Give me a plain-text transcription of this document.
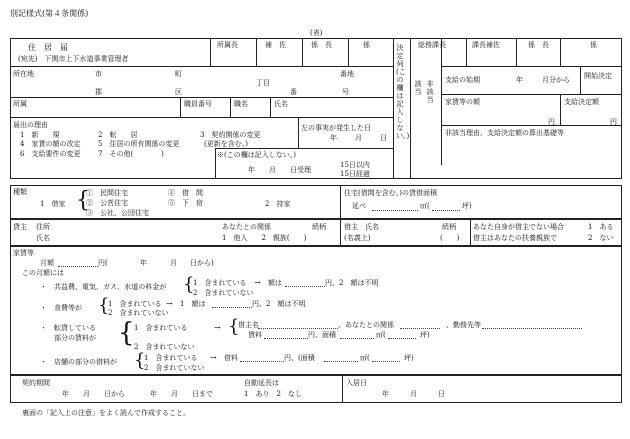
別記様式(第４条関係)
(表)
住　居　届
(宛先)　下関市上下水道事業管理者
所属長	補　佐	係　長	係	総務課長	課長補佐	係　長	係
決定伺(この欄は記入しない。)
所在地	市	町	番地
丁目
郡	区	番	号
所属	職員番号	職名	氏名
届出の理由
1　新　　規	2　転　　居	3　契約関係の変更
4　家賃の額の改定	5　住居の所有関係の変更	(更新を含む。)
6　支給要件の変更	7　その他(　　　　)
左の事実が発生した日
年	月	日
※(この欄は記入しない。)
年　　月　　日受理
15日以内
15日経過
該　当
非該当
支給の始期	年	月分から 開始決定
家賃等の額	支給決定額
円	円
非該当理由、支給決定額の算出基礎等
種類
1　借家 {
①　民間住宅	④　借　間
②　公営住宅	⑤　下　宿
③　公社、公団住宅
2　持家
住宅(借間を含む。)の貸借面積
延べ	㎡(	坪)
貸主 住所
氏名
あなたとの関係	続柄
1　他人　　2　親族(　　)
借主　氏名	続柄
(名義上)	(　　)
あなた自身が借主でない場合
借主はあなたの扶養親族で
1　ある
2　ない
家賃等
月額	円(	年	月 日から)
この月額には
・　共益費、電気、ガス、水道の料金が {
1　含まれている → 額は	円、2　額は不明
2　含まれていない
・　食費等が {
1　含まれている → 1　額は	円、2　額は不明
2　含まれていない
・　転貸している
部分の賃料が { 1　含まれている	→ {
借主名	、あなたとの関係	、勤務先等
賃料	円、面積	㎡(	坪)
2　含まれていない
・　店舗の部分の借料が {
1　含まれている → 借料	円、(面積	㎡(	坪)
2　含まれていない
契約期間
年　　月　　日から	年　　月　　日まで
自動延長は
1　あり　2　なし
入居日
年　　　月　　　日
裏面の「記入上の注意」をよく読んで作成すること。
